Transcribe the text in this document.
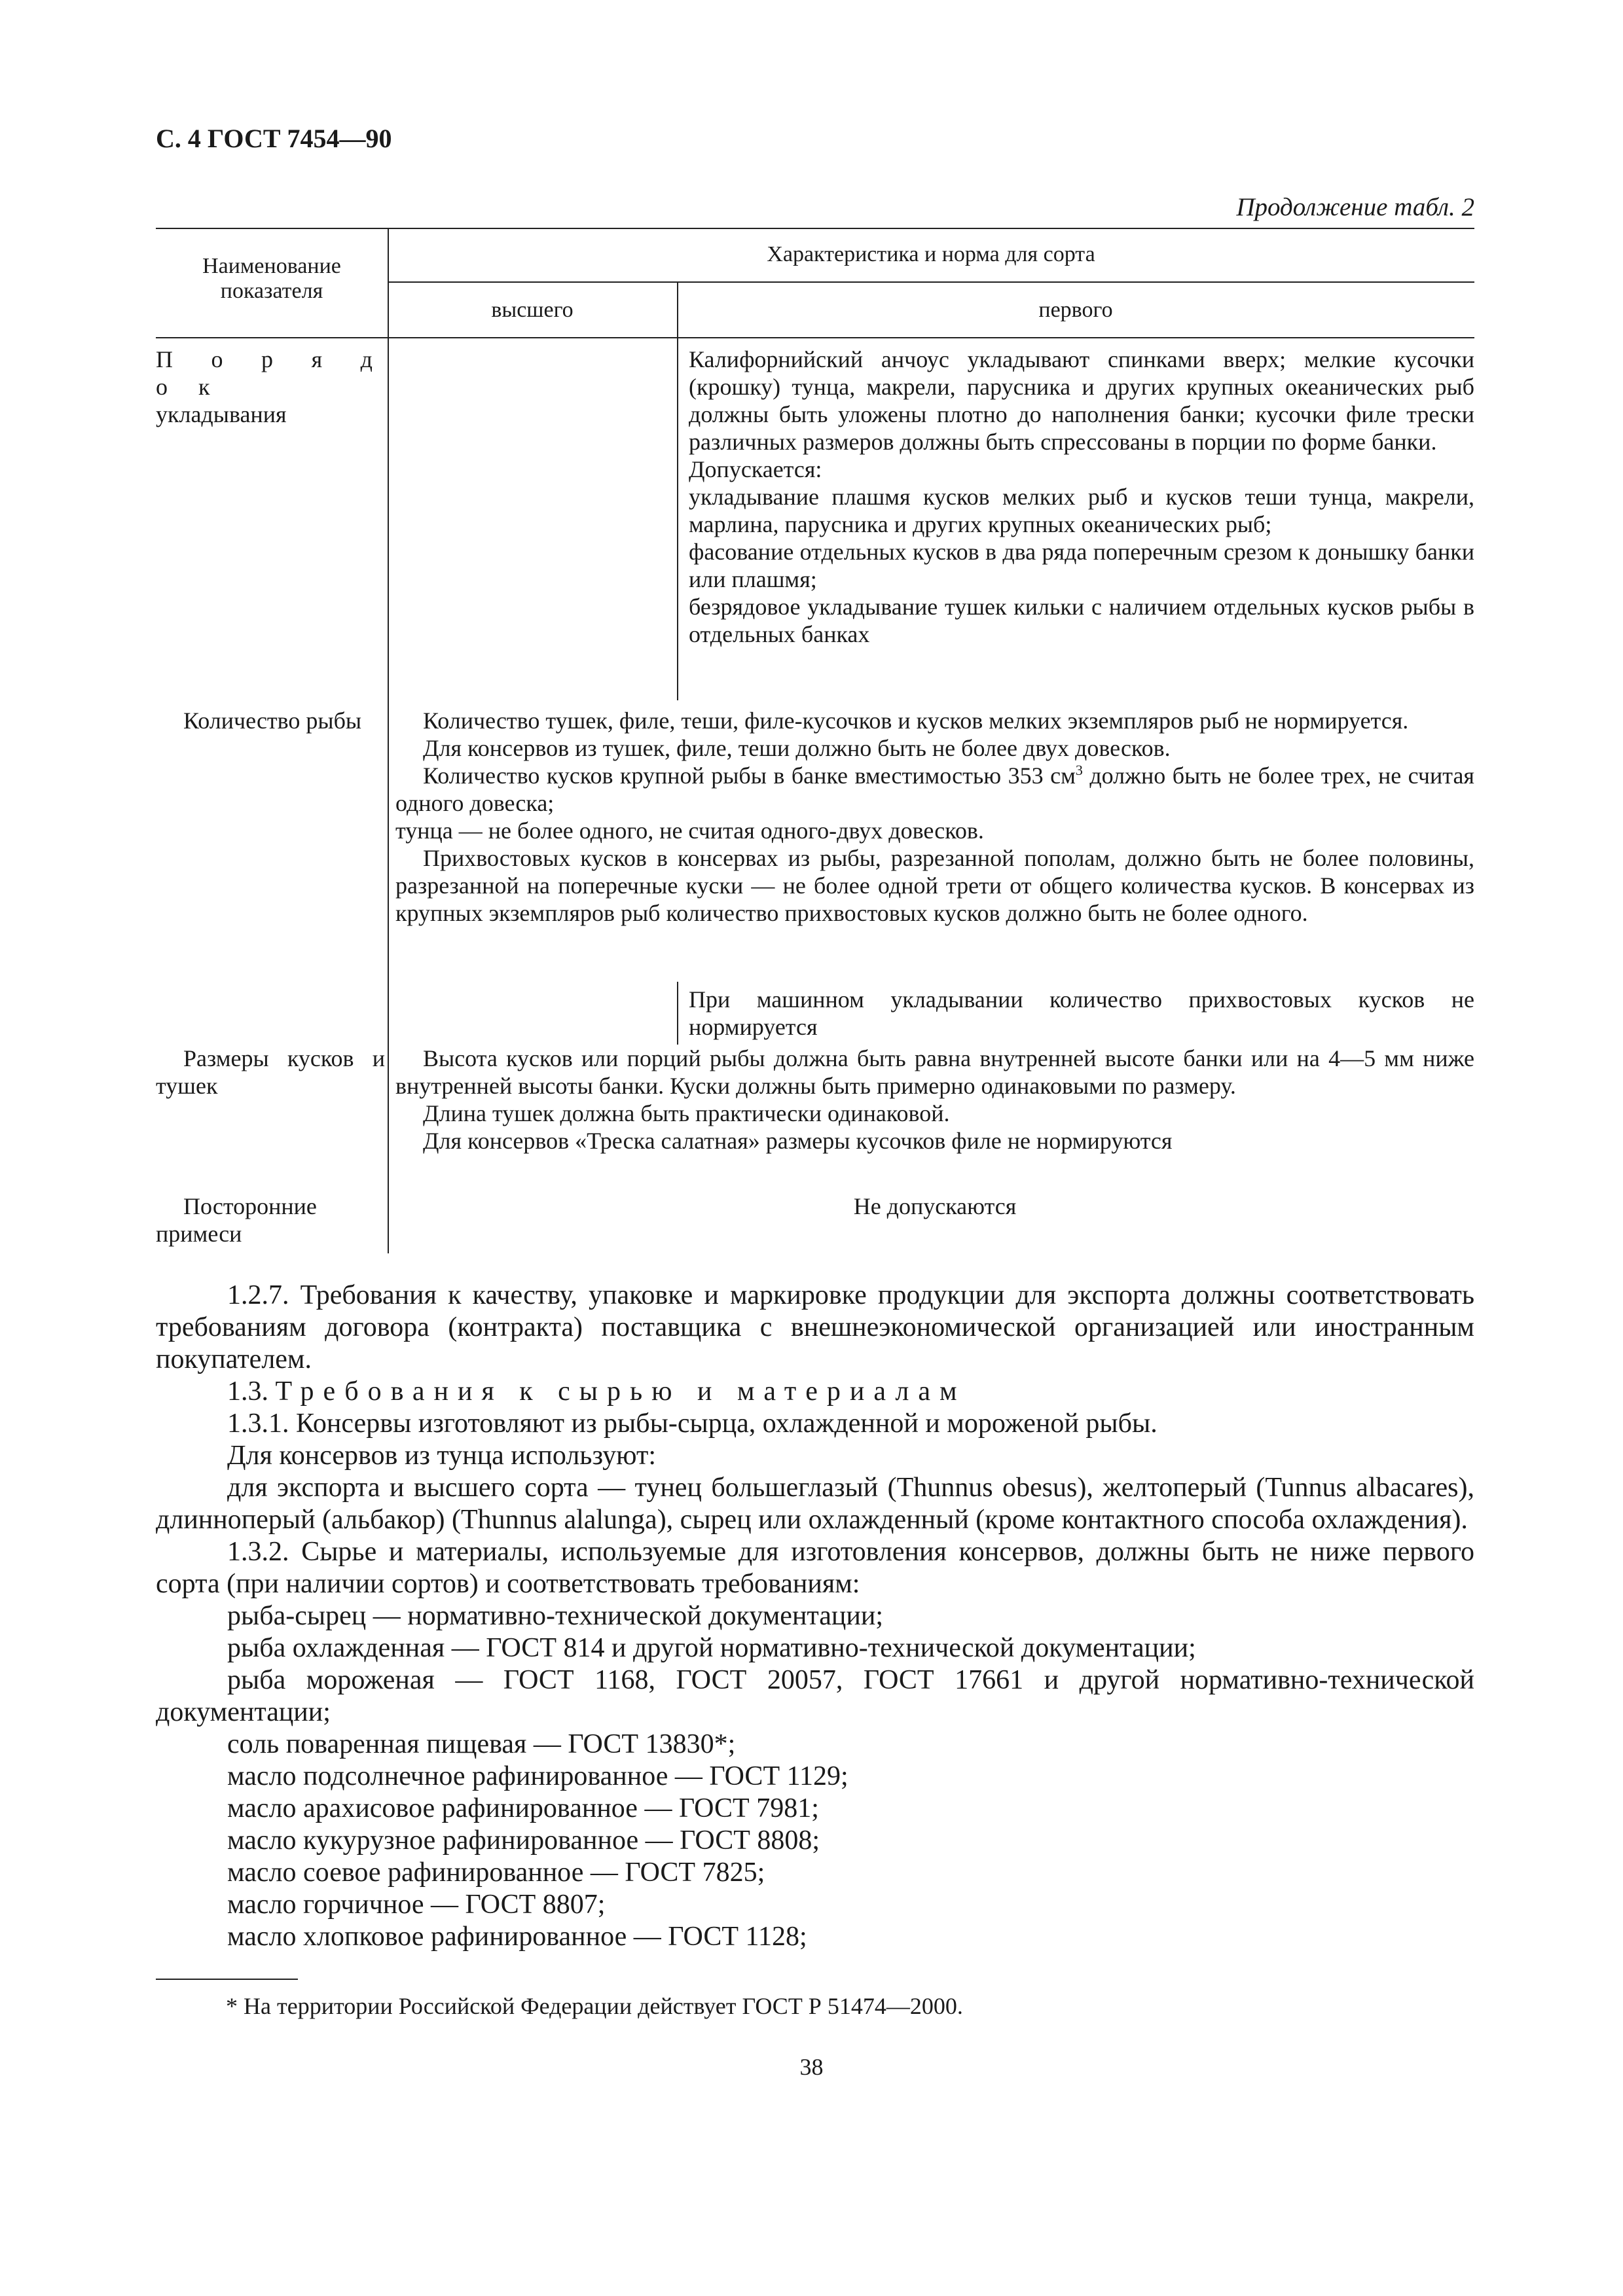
С. 4 ГОСТ 7454—90
Продолжение табл. 2
Наименование показателя
Характеристика и норма для сорта
высшего	первого
П о р я д о к
укладывания

Калифорнийский анчоус укладывают спинками вверх; мелкие кусочки (крошку) тунца, макрели, парусника и других крупных океанических рыб должны быть уложены плотно до наполнения банки; кусочки филе трески различных размеров должны быть спрессованы в порции по форме банки.

Допускается:

укладывание плашмя кусков мелких рыб и кусков теши тунца, макрели, марлина, парусника и других крупных океанических рыб;

фасование отдельных кусков в два ряда поперечным срезом к донышку банки или плашмя;

безрядовое укладывание тушек кильки с наличием отдельных кусков рыбы в отдельных банках

Количество рыбы	Количество тушек, филе, теши, филе-кусочков и кусков мелких экземпляров рыб не нормируется.

Для консервов из тушек, филе, теши должно быть не более двух довесков.

Количество кусков крупной рыбы в банке вместимостью 353 $см^3$ должно быть не более трех, не считая одного довеска;

тунца — не более одного, не считая одного-двух довесков.

Прихвостовых кусков в консервах из рыбы, разрезанной пополам, должно быть не более половины, разрезанной на поперечные куски — не более одной трети от общего количества кусков. В консервах из крупных экземпляров рыб количество прихвостовых кусков должно быть не более одного.

При машинном укладывании количество прихвостовых кусков не нормируется

Размеры кусков и тушек

Высота кусков или порций рыбы должна быть равна внутренней высоте банки или на 4—5 мм ниже внутренней высоты банки. Куски должны быть примерно одинаковыми по размеру.

Длина тушек должна быть практически одинаковой.

Для консервов «Треска салатная» размеры кусочков филе не нормируются

Посторонние примеси

Не допускаются

1.2.7. Требования к качеству, упаковке и маркировке продукции для экспорта должны соответствовать требованиям договора (контракта) поставщика с внешнеэкономической организацией или иностранным покупателем.

1.3. Требования к сырью и материалам

1.3.1. Консервы изготовляют из рыбы-сырца, охлажденной и мороженой рыбы.

Для консервов из тунца используют:

для экспорта и высшего сорта — тунец большеглазый (Thunnus obesus), желтоперый (Tunnus albacares), длинноперый (альбакор) (Thunnus alalunga), сырец или охлажденный (кроме контактного способа охлаждения).

1.3.2. Сырье и материалы, используемые для изготовления консервов, должны быть не ниже первого сорта (при наличии сортов) и соответствовать требованиям:

рыба-сырец — нормативно-технической документации;

рыба охлажденная — ГОСТ 814 и другой нормативно-технической документации;

рыба мороженая — ГОСТ 1168, ГОСТ 20057, ГОСТ 17661 и другой нормативно-технической документации;

соль поваренная пищевая — ГОСТ 13830*;

масло подсолнечное рафинированное — ГОСТ 1129;

масло арахисовое рафинированное — ГОСТ 7981;

масло кукурузное рафинированное — ГОСТ 8808;

масло соевое рафинированное — ГОСТ 7825;

масло горчичное — ГОСТ 8807;

масло хлопковое рафинированное — ГОСТ 1128;

* На территории Российской Федерации действует ГОСТ Р 51474—2000.
38
